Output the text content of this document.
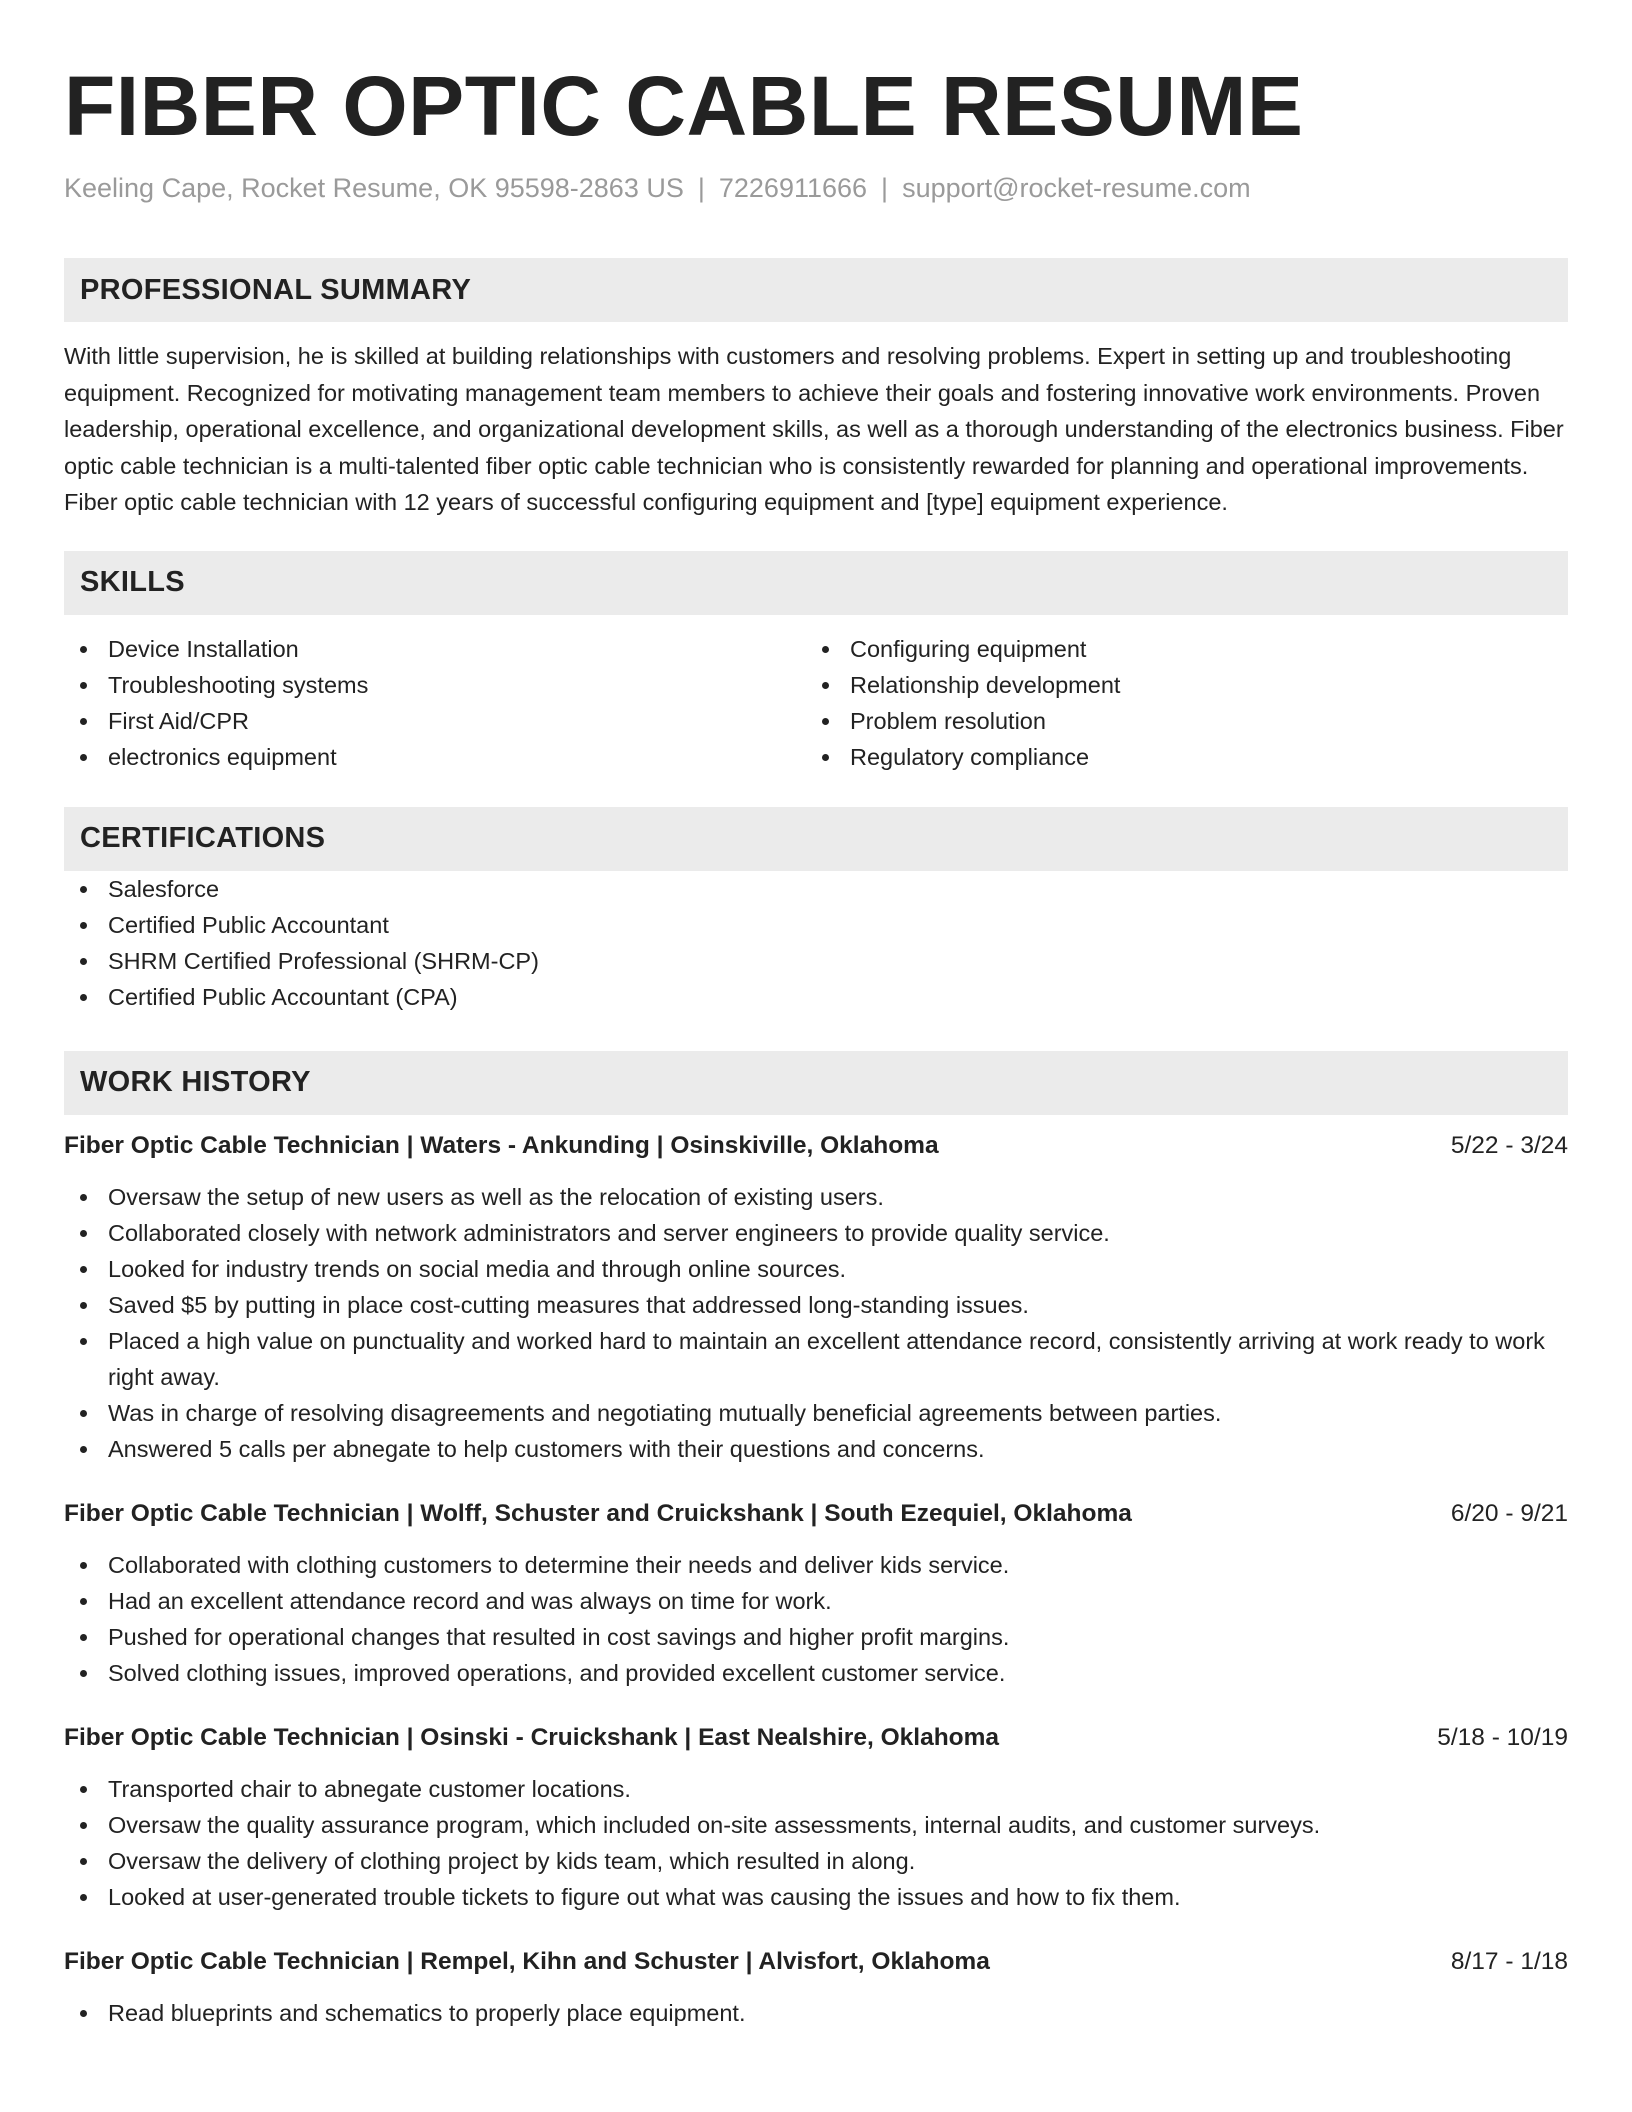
FIBER OPTIC CABLE RESUME
Keeling Cape, Rocket Resume, OK 95598-2863 US | 7226911666 | support@rocket-resume.com
PROFESSIONAL SUMMARY
With little supervision, he is skilled at building relationships with customers and resolving problems. Expert in setting up and troubleshooting equipment. Recognized for motivating management team members to achieve their goals and fostering innovative work environments. Proven leadership, operational excellence, and organizational development skills, as well as a thorough understanding of the electronics business. Fiber optic cable technician is a multi-talented fiber optic cable technician who is consistently rewarded for planning and operational improvements. Fiber optic cable technician with 12 years of successful configuring equipment and [type] equipment experience.
SKILLS
Device Installation
Troubleshooting systems
First Aid/CPR
electronics equipment
Configuring equipment
Relationship development
Problem resolution
Regulatory compliance
CERTIFICATIONS
Salesforce
Certified Public Accountant
SHRM Certified Professional (SHRM-CP)
Certified Public Accountant (CPA)
WORK HISTORY
Fiber Optic Cable Technician | Waters - Ankunding | Osinskiville, Oklahoma	5/22 - 3/24
Oversaw the setup of new users as well as the relocation of existing users.
Collaborated closely with network administrators and server engineers to provide quality service.
Looked for industry trends on social media and through online sources.
Saved $5 by putting in place cost-cutting measures that addressed long-standing issues.
Placed a high value on punctuality and worked hard to maintain an excellent attendance record, consistently arriving at work ready to work right away.
Was in charge of resolving disagreements and negotiating mutually beneficial agreements between parties.
Answered 5 calls per abnegate to help customers with their questions and concerns.
Fiber Optic Cable Technician | Wolff, Schuster and Cruickshank | South Ezequiel, Oklahoma	6/20 - 9/21
Collaborated with clothing customers to determine their needs and deliver kids service.
Had an excellent attendance record and was always on time for work.
Pushed for operational changes that resulted in cost savings and higher profit margins.
Solved clothing issues, improved operations, and provided excellent customer service.
Fiber Optic Cable Technician | Osinski - Cruickshank | East Nealshire, Oklahoma	5/18 - 10/19
Transported chair to abnegate customer locations.
Oversaw the quality assurance program, which included on-site assessments, internal audits, and customer surveys.
Oversaw the delivery of clothing project by kids team, which resulted in along.
Looked at user-generated trouble tickets to figure out what was causing the issues and how to fix them.
Fiber Optic Cable Technician | Rempel, Kihn and Schuster | Alvisfort, Oklahoma	8/17 - 1/18
Read blueprints and schematics to properly place equipment.
